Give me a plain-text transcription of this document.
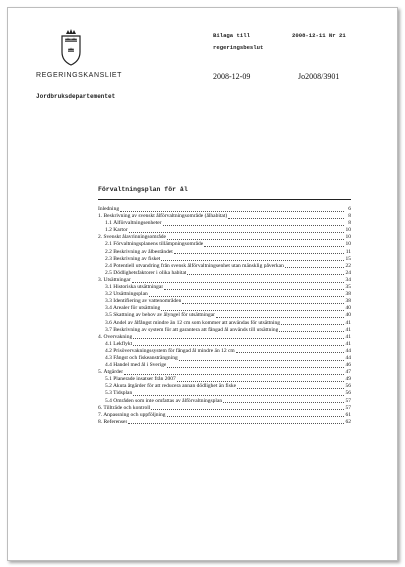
REGERINGSKANSLIET
Bilaga till
regeringsbeslut
2008-12-11 Nr 21
2008-12-09	Jo2008/3901
Jordbruksdepartementet
Förvaltningsplan för ål
Inledning	6
1. Beskrivning av svenskt ålförvaltningsområde (ålhabitat)	8
1.1 Ålförvaltningsenheter	8
1.2 Kartor	10
2. Svenskt ålavrinningsområde	10
2.1 Förvaltningsplanens tillämpningsområde	10
2.2 Beskrivning av ålbeståndet	11
2.3 Beskrivning av fisket	15
2.4 Potentiell utvandring från svensk ålförvaltningsenhet utan mänsklig påverkan	22
2.5 Dödlighetsfaktorer i olika habitat	24
3. Utsättningar	34
3.1 Historiska utsättningar	35
3.2 Utsättningsplan	38
3.3 Identifiering av vattenområden	38
3.4 Arealer för utsättning	40
3.5 Skattning av behov av ålyngel för utsättningar	40
3.6 Andel av ålfångst mindre än 12 cm som kommer att användas för utsättning	41
3.7 Beskrivning av system för att garantera att fångad ål används till utsättning	41
4. Övervakning	41
4.1 Lekflykt	41
4.2 Prisövervakningssystem för fångad ål mindre än 12 cm	44
4.3 Fångst och fiskeansträngning	44
4.4 Handel med ål i Sverige	46
5. Åtgärder	47
5.1 Planerade insatser från 2007	49
5.2 Akuta åtgärder för att reducera annan dödlighet än fiske	56
5.3 Tidsplan	56
5.4 Områden som inte omfattas av ålförvaltningsplan	57
6. Tillträde och kontroll	57
7. Anpassning och uppföljning	61
8. Referenser	62
